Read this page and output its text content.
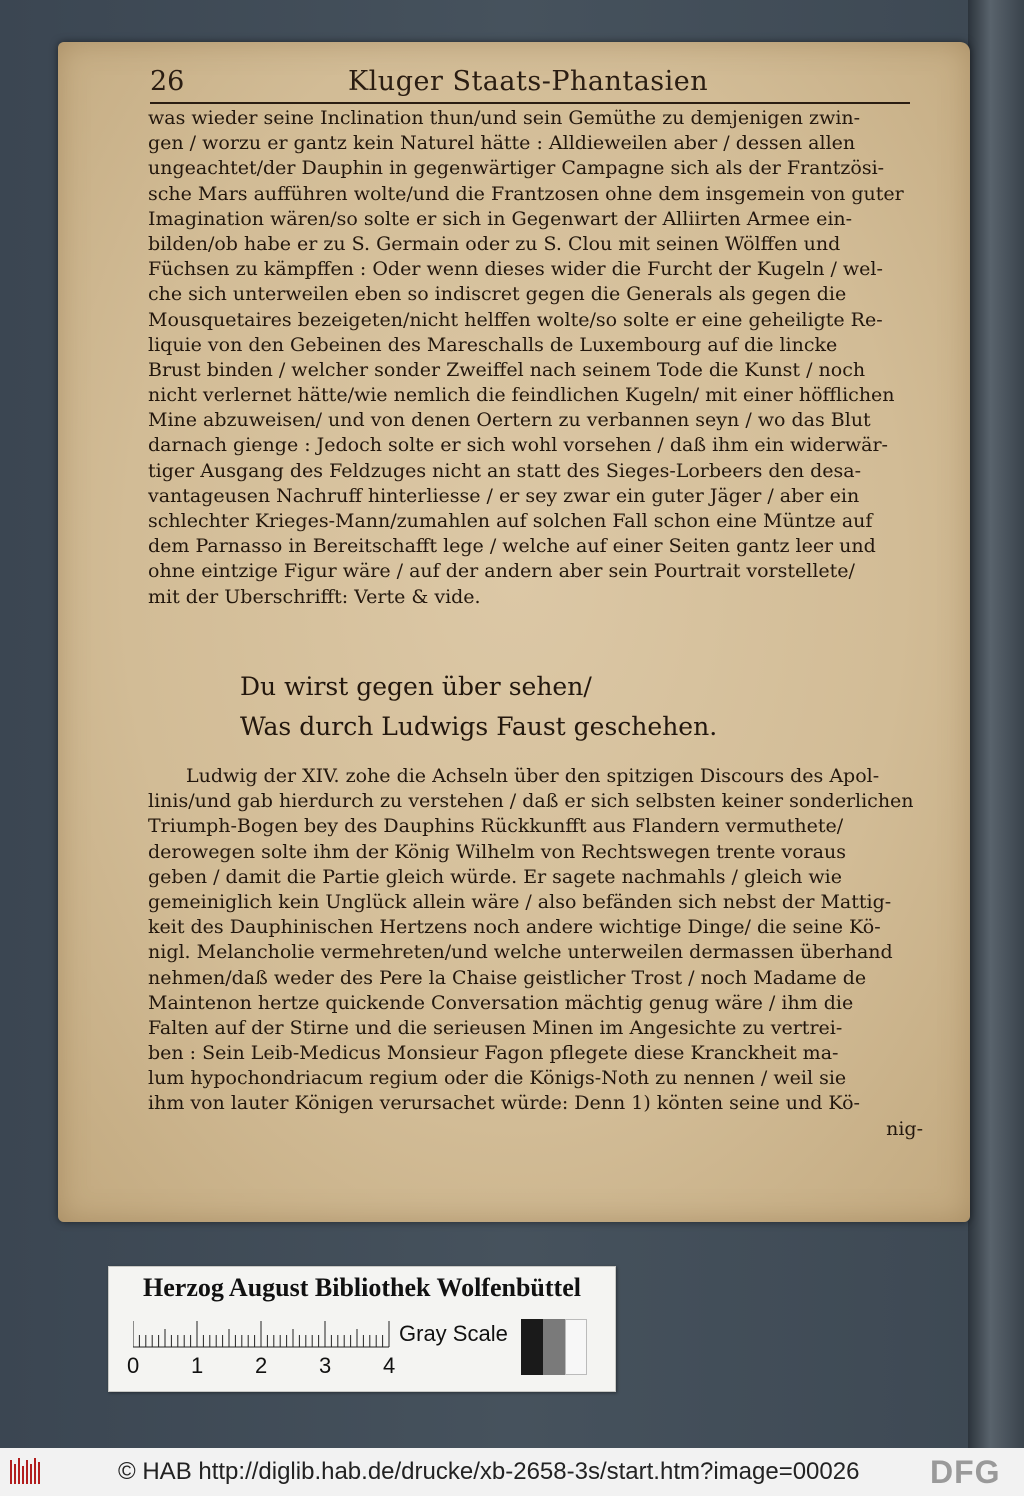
26	Kluger Staats-Phantasien
was wieder seine Inclination thun/und sein Gemüthe zu demjenigen zwin-
gen / worzu er gantz kein Naturel hätte : Alldieweilen aber / dessen allen
ungeachtet/der Dauphin in gegenwärtiger Campagne sich als der Frantzösi-
sche Mars aufführen wolte/und die Frantzosen ohne dem insgemein von guter
Imagination wären/so solte er sich in Gegenwart der Alliirten Armee ein-
bilden/ob habe er zu S. Germain oder zu S. Clou mit seinen Wölffen und
Füchsen zu kämpffen : Oder wenn dieses wider die Furcht der Kugeln / wel-
che sich unterweilen eben so indiscret gegen die Generals als gegen die
Mousquetaires bezeigeten/nicht helffen wolte/so solte er eine geheiligte Re-
liquie von den Gebeinen des Mareschalls de Luxembourg auf die lincke
Brust binden / welcher sonder Zweiffel nach seinem Tode die Kunst / noch
nicht verlernet hätte/wie nemlich die feindlichen Kugeln/ mit einer höfflichen
Mine abzuweisen/ und von denen Oertern zu verbannen seyn / wo das Blut
darnach gienge : Jedoch solte er sich wohl vorsehen / daß ihm ein widerwär-
tiger Ausgang des Feldzuges nicht an statt des Sieges-Lorbeers den desa-
vantageusen Nachruff hinterliesse / er sey zwar ein guter Jäger / aber ein
schlechter Krieges-Mann/zumahlen auf solchen Fall schon eine Müntze auf
dem Parnasso in Bereitschafft lege / welche auf einer Seiten gantz leer und
ohne eintzige Figur wäre / auf der andern aber sein Pourtrait vorstellete/
mit der Uberschrifft: Verte & vide.
Du wirst gegen über sehen/
Was durch Ludwigs Faust geschehen.
Ludwig der XIV. zohe die Achseln über den spitzigen Discours des Apol-
linis/und gab hierdurch zu verstehen / daß er sich selbsten keiner sonderlichen
Triumph-Bogen bey des Dauphins Rückkunfft aus Flandern vermuthete/
derowegen solte ihm der König Wilhelm von Rechtswegen trente voraus
geben / damit die Partie gleich würde. Er sagete nachmahls / gleich wie
gemeiniglich kein Unglück allein wäre / also befänden sich nebst der Mattig-
keit des Dauphinischen Hertzens noch andere wichtige Dinge/ die seine Kö-
nigl. Melancholie vermehreten/und welche unterweilen dermassen überhand
nehmen/daß weder des Pere la Chaise geistlicher Trost / noch Madame de
Maintenon hertze quickende Conversation mächtig genug wäre / ihm die
Falten auf der Stirne und die serieusen Minen im Angesichte zu vertrei-
ben : Sein Leib-Medicus Monsieur Fagon pflegete diese Kranckheit ma-
lum hypochondriacum regium oder die Königs-Noth zu nennen / weil sie
ihm von lauter Königen verursachet würde: Denn 1) könten seine und Kö-
nig-
Herzog August Bibliothek Wolfenbüttel
0 1 2 3 4
Gray Scale
© HAB http://diglib.hab.de/drucke/xb-2658-3s/start.htm?image=00026 DFG
